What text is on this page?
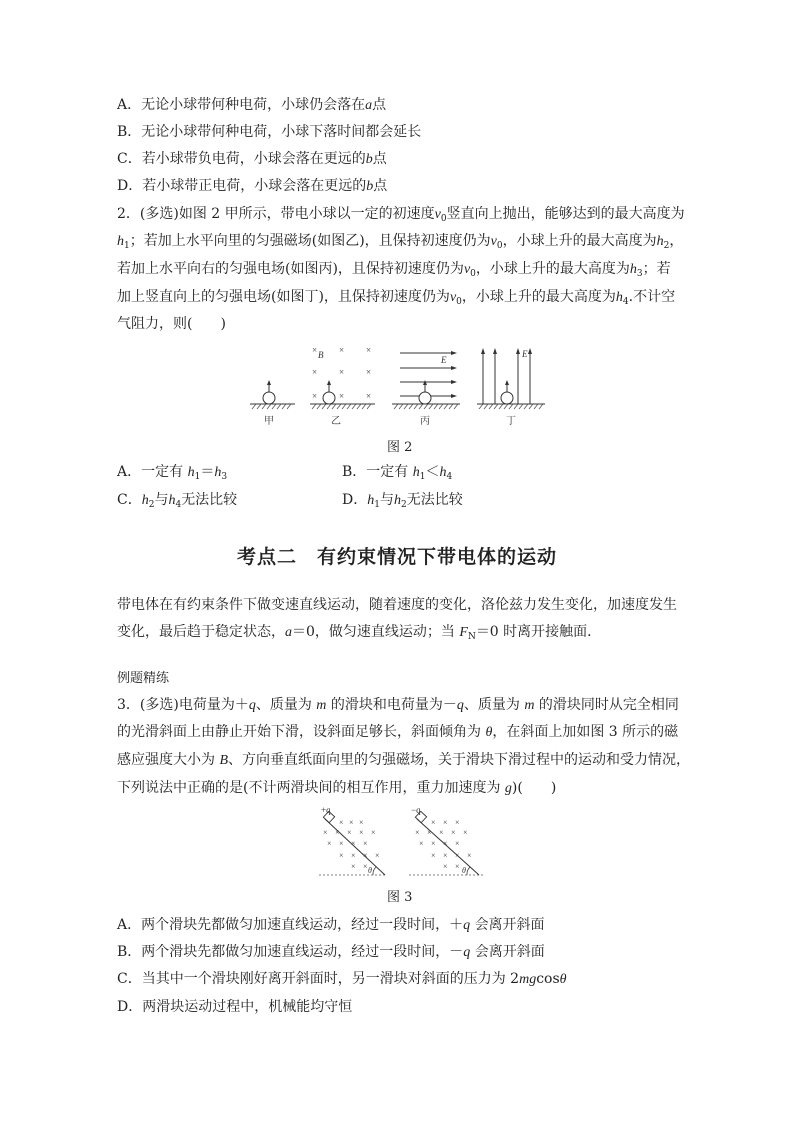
A．无论小球带何种电荷，小球仍会落在a点
B．无论小球带何种电荷，小球下落时间都会延长
C．若小球带负电荷，小球会落在更远的b点
D．若小球带正电荷，小球会落在更远的b点
2．(多选)如图 2 甲所示，带电小球以一定的初速度$v_0$竖直向上抛出，能够达到的最大高度为
$h_1$；若加上水平向里的匀强磁场(如图乙)，且保持初速度仍为$v_0$，小球上升的最大高度为$h_2$，
若加上水平向右的匀强电场(如图丙)，且保持初速度仍为$v_0$，小球上升的最大高度为$h_3$；若
加上竖直向上的匀强电场(如图丁)，且保持初速度仍为$v_0$，小球上升的最大高度为$h_4$.不计空
气阻力，则(　　)
× × ×
× × ×
× × ×
B	E
E
甲	乙	丙	丁
图 2
A．一定有 $h_1=h_3$	B．一定有 $h_1<h_4$
C．$h_2$与$h_4$无法比较	D．$h_1$与$h_2$无法比较
考点二　有约束情况下带电体的运动
带电体在有约束条件下做变速直线运动，随着速度的变化，洛伦兹力发生变化，加速度发生
变化，最后趋于稳定状态，a＝0，做匀速直线运动；当 $F_N=0$ 时离开接触面．
例题精练
3．(多选)电荷量为＋q、质量为 m 的滑块和电荷量为－q、质量为 m 的滑块同时从完全相同
的光滑斜面上由静止开始下滑，设斜面足够长，斜面倾角为 θ，在斜面上加如图 3 所示的磁
感应强度大小为 B、方向垂直纸面向里的匀强磁场，关于滑块下滑过程中的运动和受力情况，
下列说法中正确的是(不计两滑块间的相互作用，重力加速度为 g)(　　)
+q
θ
× × ×
× × × × ×
× × × ×
× × × ×
× ×
−q
θ
× × ×
× × × × ×
× × × ×
× × × ×
× ×
图 3
A．两个滑块先都做匀加速直线运动，经过一段时间，＋q 会离开斜面
B．两个滑块先都做匀加速直线运动，经过一段时间，－q 会离开斜面
C．当其中一个滑块刚好离开斜面时，另一滑块对斜面的压力为 2mgcosθ
D．两滑块运动过程中，机械能均守恒
